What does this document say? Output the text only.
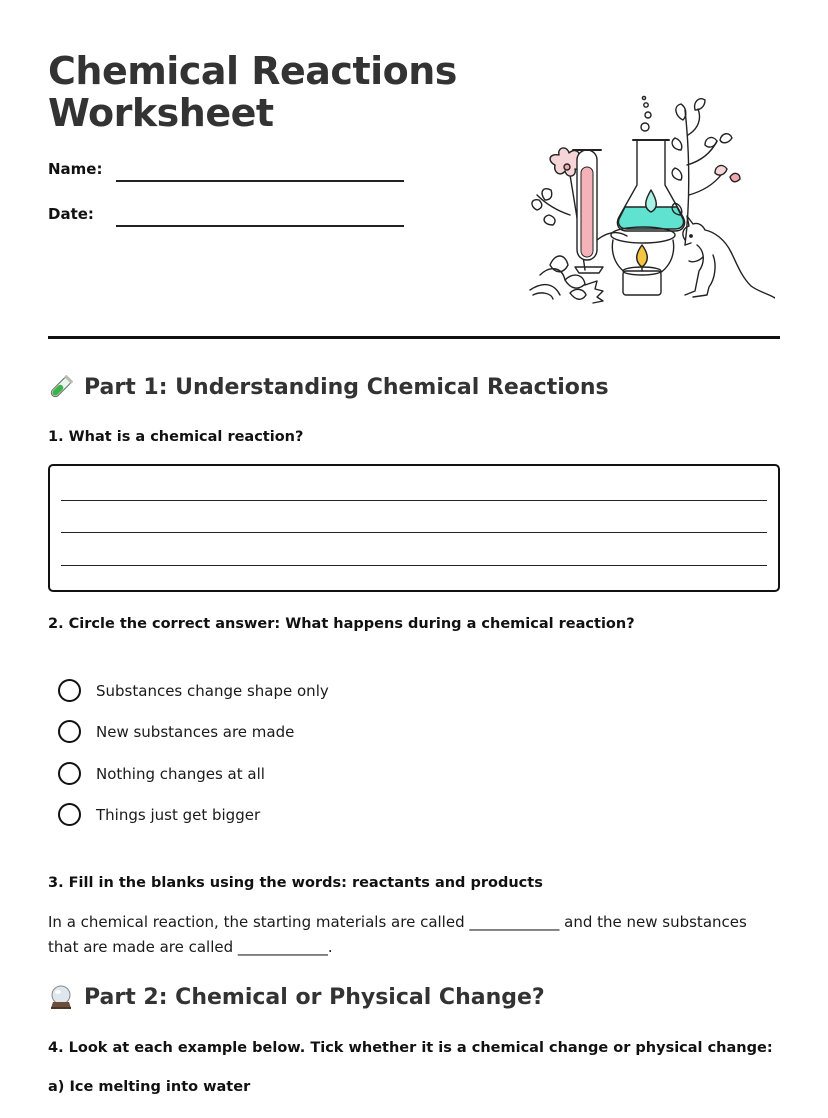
Chemical Reactions
Worksheet
Name:
Date:
Part 1: Understanding Chemical Reactions

1. What is a chemical reaction?

2. Circle the correct answer: What happens during a chemical reaction?

Substances change shape only
New substances are made
Nothing changes at all
Things just get bigger

3. Fill in the blanks using the words: reactants and products

In a chemical reaction, the starting materials are called ____________ and the new substances that are made are called ____________.

Part 2: Chemical or Physical Change?

4. Look at each example below. Tick whether it is a chemical change or physical change:

a) Ice melting into water
